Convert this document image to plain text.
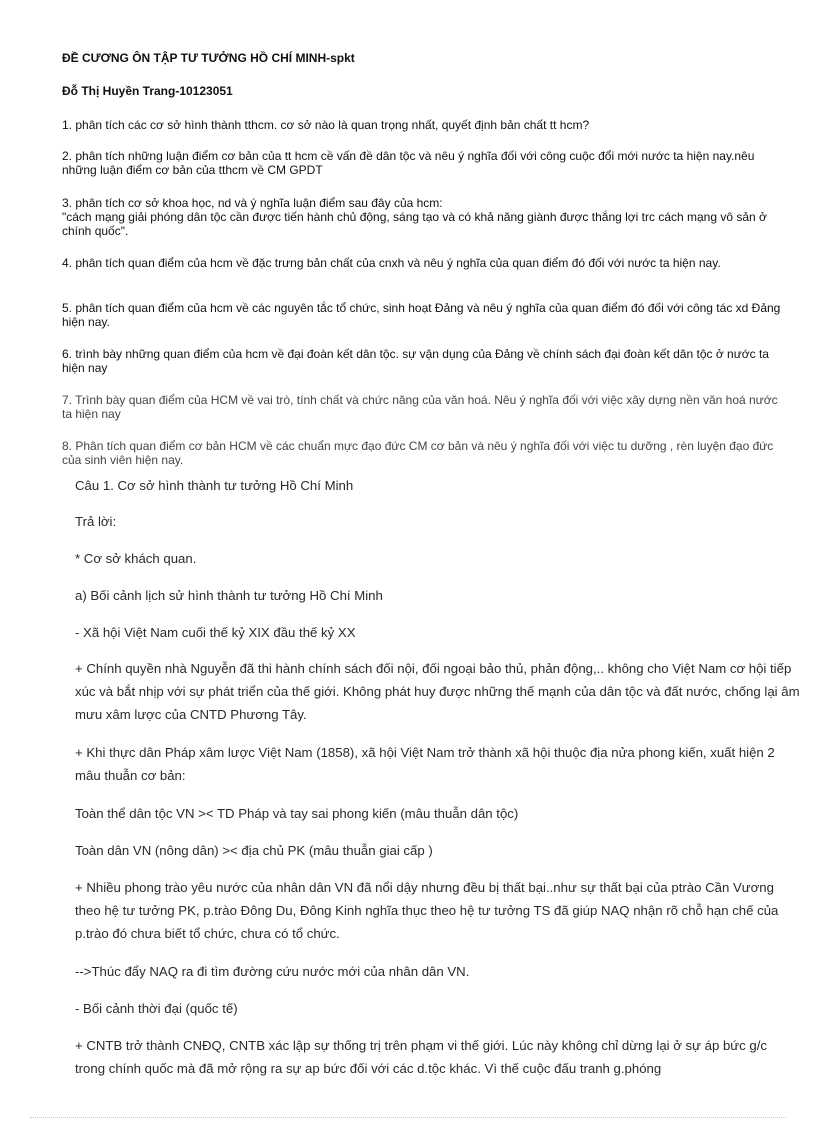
ĐỀ CƯƠNG ÔN TẬP TƯ TƯỞNG HỒ CHÍ MINH-spkt
Đỗ Thị Huyền Trang-10123051
1. phân tích các cơ sở hình thành tthcm. cơ sở nào là quan trọng nhất, quyết định bản chất tt hcm?
2. phân tích những luận điểm cơ bản của tt hcm cề vấn đề dân tộc và nêu ý nghĩa đối với công cuộc đổi mới nước ta hiện nay.nêu những luận điểm cơ bản của tthcm về CM GPDT
3. phân tích cơ sở khoa học, nd và ý nghĩa luận điểm sau đây của hcm:
"cách mạng giải phóng dân tộc cần được tiến hành chủ động, sáng tạo và có khả năng giành được thắng lợi trc cách mạng vô sản ở chính quốc".
4. phân tích quan điểm của hcm về đặc trưng bản chất của cnxh và nêu ý nghĩa của quan điểm đó đối với nước ta hiện nay.
5. phân tích quan điểm của hcm về các nguyên tắc tổ chức, sinh hoạt Đảng và nêu ý nghĩa của quan điểm đó đối với công tác xd Đảng hiện nay.
6. trình bày những quan điểm của hcm về đại đoàn kết dân tộc. sự vận dụng của Đảng về chính sách đại đoàn kết dân tộc ở nước ta hiện nay
7. Trình bày quan điểm của HCM về vai trò, tính chất và chức năng của văn hoá. Nêu ý nghĩa đối với việc xây dựng nền văn hoá nước ta hiện nay
8. Phân tích quan điểm cơ bản HCM về các chuẩn mực đạo đức CM cơ bản và nêu ý nghĩa đối với việc tu dưỡng , rèn luyện đạo đức của sinh viên hiện nay.
Câu 1. Cơ sở hình thành tư tưởng Hồ Chí Minh
Trả lời:
* Cơ sở khách quan.
a) Bối cảnh lịch sử hình thành tư tưởng Hồ Chí Minh
- Xã hội Việt Nam cuối thế kỷ XIX đầu thế kỷ XX
+ Chính quyền nhà Nguyễn đã thi hành chính sách đối nội, đối ngoại bảo thủ, phản động,.. không cho Việt Nam cơ hội tiếp xúc và bắt nhịp với sự phát triển của thế giới. Không phát huy được những thế mạnh của dân tộc và đất nước, chống lại âm mưu xâm lược của CNTD Phương Tây.
+ Khi thực dân Pháp xâm lược Việt Nam (1858), xã hội Việt Nam trở thành xã hội thuộc địa nửa phong kiến, xuất hiện 2 mâu thuẫn cơ bản:
Toàn thể dân tộc VN >< TD Pháp và tay sai phong kiến (mâu thuẫn dân tộc)
Toàn dân VN (nông dân) >< địa chủ PK (mâu thuẫn giai cấp )
+ Nhiều phong trào yêu nước của nhân dân VN đã nổi dậy nhưng đều bị thất bại..như sự thất bại của ptrào Cần Vương theo hệ tư tưởng PK, p.trào Đông Du, Đông Kinh nghĩa thục theo hệ tư tưởng TS đã giúp NAQ nhận rõ chỗ hạn chế của p.trào đó chưa biết tổ chức, chưa có tổ chức.
-->Thúc đẩy NAQ ra đi tìm đường cứu nước mới của nhân dân VN.
- Bối cảnh thời đại (quốc tế)
+ CNTB trở thành CNĐQ, CNTB xác lập sự thống trị trên phạm vi thế giới. Lúc này không chỉ dừng lại ở sự áp bức g/c trong chính quốc mà đã mở rộng ra sự ap bức đối với các d.tộc khác. Vì thế cuộc đấu tranh g.phóng
